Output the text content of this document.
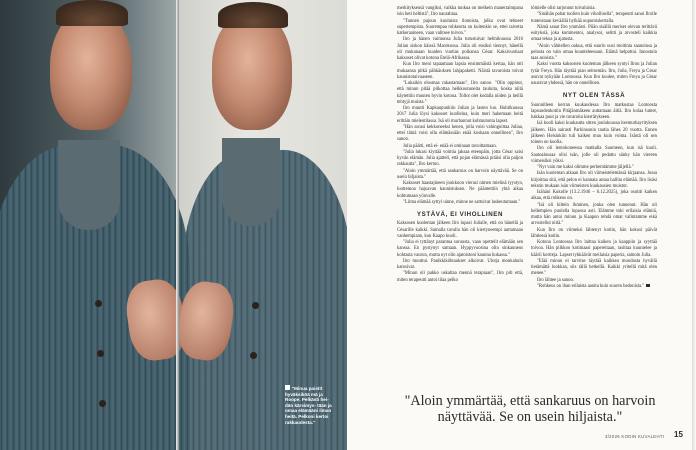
"Minua paistit hyväksiköä mä ja Roope. Pelkästi hei- dän kärsimys- tään ja omaa elämääni ilman heitä. Pelkoni kertoi rakkaudesta."

merkityksensä vangiksi, vaikka tunkua on melkein mauertaimpana isin heti heltistä", Ilro naurahtaa.

"Tunnen pajuun kuuluista ilonnista, jolka ovat tehneet supertempista. Suurempaa rohkeutta on kuitenkin se, ettei taivetta katkeraaineen, vaan valitsee toivon."

Ilro ja hänen vaimonsa Julia tutustuivat helmikuussa 2016 Julian siskon häissä Marokossa. Julia oli ensiksi tiennyt, hänellä oli mukanaan kuuden vuotias poikansa César. Kaksivuotiaat kaksoset olivat kotona Etelä-Afrikassa.

Kun Ilro meni tapaamaan lapsia ensimmäistä kertaa, hän otti mukaansa pitkä pähkäuksen lahjapaketti. Näistä tavaroista toivat kaunistotaivaaseen.

"Lukaikin elosmaa rakastamaan", Ilro sanoo. "Olin oppinut, että minun pitää pilkottaa helkkoutuneita tauluita, koska niitä käytettiin muuten hyvin kotona. Tollot olet kodalla niiden ja heillä tehtyjä muista."

Ilro muutti Kapkaupunkiin Julian ja lasten luo. Huhtikuussa 2017 Julia löysi kaksoset kuolleina, kuin meri hakemaan heitä erittäin mielentilassa. Isä oli murhannut kohtuutonta lapset.

"Hän surasi kekkoneeksi kenen, jolla voisi vahingoittaa Juliaa, ettei tämä voisi olla elämässään enää koskaan onnellinen", Ilro sanoo.

Julia päätti, että ei- enää ei ominaan tavoittamaan.

"Julia lukasi kiyttää voimia jaksaa eteenpäin, jotta César saisi hyvän elämän. Julia ajatteli, että pojan elämässä pitäisi olla paljon rakkautta", Ilro kertoo.

"Aloin ymmärtää, että sankaruus on harvoin näyttävää. Se on usein hiljaista."

Kaksoset haastajineen joukkoon vierasi nimen mielinä tyystyn, luottemoa hajoavan kaunistuksen. Ne pääntettiin yhtä aikaa kohtumaan yönvalle.

"Liima elämää syttyi uinne, minne ne sattuivat laskeutumaan."

YSTÄVÄ, EI VIHOLLINEN

Kaksosen kuoleman jälkeen Ilro lupasi Julialle, että on hänellä ja Césarille kaikki. Samalla tavalla hän oli kiertyneempi auttamaan vanhempiaan, kun Kaapo kuoli.

"Julia ei tyttänyt parantua suruusta, vaan opettelit elämään sen kanssa. En pystynyt samaan. Hyppyvuosina olin sinkauneus kohtasta vaurun, mutta nyt olin ajatoistoni kaunna hukassa."

Ilro muuttui. Panikkiköhtaukset alkoivat. Ulotja monkahulu katosivat.

"Minun oli pakko uskaltaa mennä terapiaan", Ilro piti että, miten terapeutti antoi tilaa pelko

tömielle olisi tarjonnut toivaluisia.

"Sinähän pohat tuolien kuin vihollisella", terapeutti sanoi Ilrolle tunteistaan keväällä hylkää uupumiskertalla.

Nämä sanat Ilro ymmärsi. Piiän sisällä meriset olevan terittävä esityksiä, joka kommentoi, analysoi, selitti ja arvosteli kaikkia omaa tekoa ja ajatusta.

"Aloin vähitellen oakua, että suurin uusi moitinta saanoinsa ja pelosta on vain omaa kuunteleessani. Elämä helpottui. Innostuin taas asioista."

Kaksi vuotta kaksosten kuoleman jälkeen syntyi Ilron ja Julian tytär Freya. Hän täyttää pian seitsemän. Ilro, Julia, Freya ja César asuvat nykyään Lontoossa. Kun Ilro kuulee, miten Freya ja César nauravat yhdessä, hän on onnellinen.

NYT OLEN TÄSSÄ

Suunnilleen kerran kuukaudessa Ilro matkustaa Lontoosta lapsuudenkotiin Pitäjänmäkeen auttamaan äitiä. Ilro kolaa lumet, hakkaa puut ja vie tavaroita kierrätykseen.

Isä kuoli kaksi kuukautta sitten joulukuussa itsemurhayrityksen jälkeen. Hän sairasti Parkinsonin tautia lähes 20 vuotta. Ennen jälkeen Helsinkiin tuli kaiken muu kuin voima. Isästä oli sen toinen on kuolla.

Ilro oli lentokoneessa matkalla Suomeen, kun isä kuoli. Saatoalousaa olisi isän, jolle oli pedattu sänky hän viereen viimeisiksi yöksi.

"Nyt vain me kaksi olimme perhemtämme jäljellä."

Isän kuoleman aikaan Ilro oli viimeistelemässä kirjaansa. Jossa kirjoittaa sitä, että pelon ei kannata antaa hallita elämää. Ilro lisäsi tekstin mukaan isän viimeisten kuukausien muistot.

Isähäni Kukolle (13.2.1946 – 6.12.2025), joka osoitti kaiken aikaa, että rohkeus on.

"Isä oli kiltein ihminen, jonka olen tunnenut. Hän oli hellempien puolella lopussa asti. Elämme toki erilaisia elämiä, mutta hän antoi minun ja Kaapon tehdä omat valintamme eikä arvostellut niitä."

Kun Ilro on viimeksi lähtenyt kotiin, hän kokosi päivät lähtiessä kotiin.

Kotona Lontoossa Ilro laittaa kaiken ja kaappiin ja syyttää toivoa. Hän pilkkoo kotimaasi papereitaan, rasittaa kuuntelee ja käärii kortteja. Lapset tykkäävät meilaisia paperia, samoin Julia.

"Elää minun ei tarvitse täyttää kaikkea muodosta hyvällä tietämättä luokkaa, siis tällä hetkellä. Kaikki yritellä mitä olen menee."

Ilro lähtee ja sanoo.

"Rohkeus on ihan erilaista aaoita kuin suuren hedonista."

"Aloin ymmärtää, että sankaruus on harvoin näyttävää. Se on usein hiljaista."
3/2026 KODIN KUVALEHTI 15
